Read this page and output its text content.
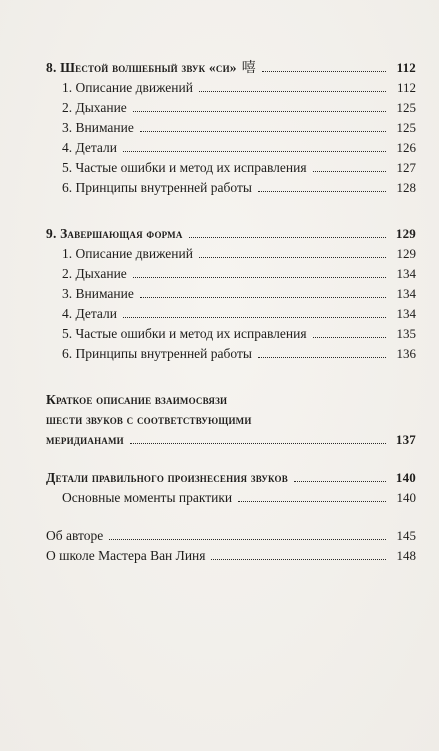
8. Шестой волшебный звук «си» 嘻	112
1. Описание движений	112
2. Дыхание	125
3. Внимание	125
4. Детали	126
5. Частые ошибки и метод их исправления	127
6. Принципы внутренней работы	128
9. Завершающая форма	129
1. Описание движений	129
2. Дыхание	134
3. Внимание	134
4. Детали	134
5. Частые ошибки и метод их исправления	135
6. Принципы внутренней работы	136
Краткое описание взаимосвязи
шести звуков с соответствующими
меридианами	137
Детали правильного произнесения звуков	140
Основные моменты практики	140
Об авторе	145
О школе Мастера Ван Линя	148
